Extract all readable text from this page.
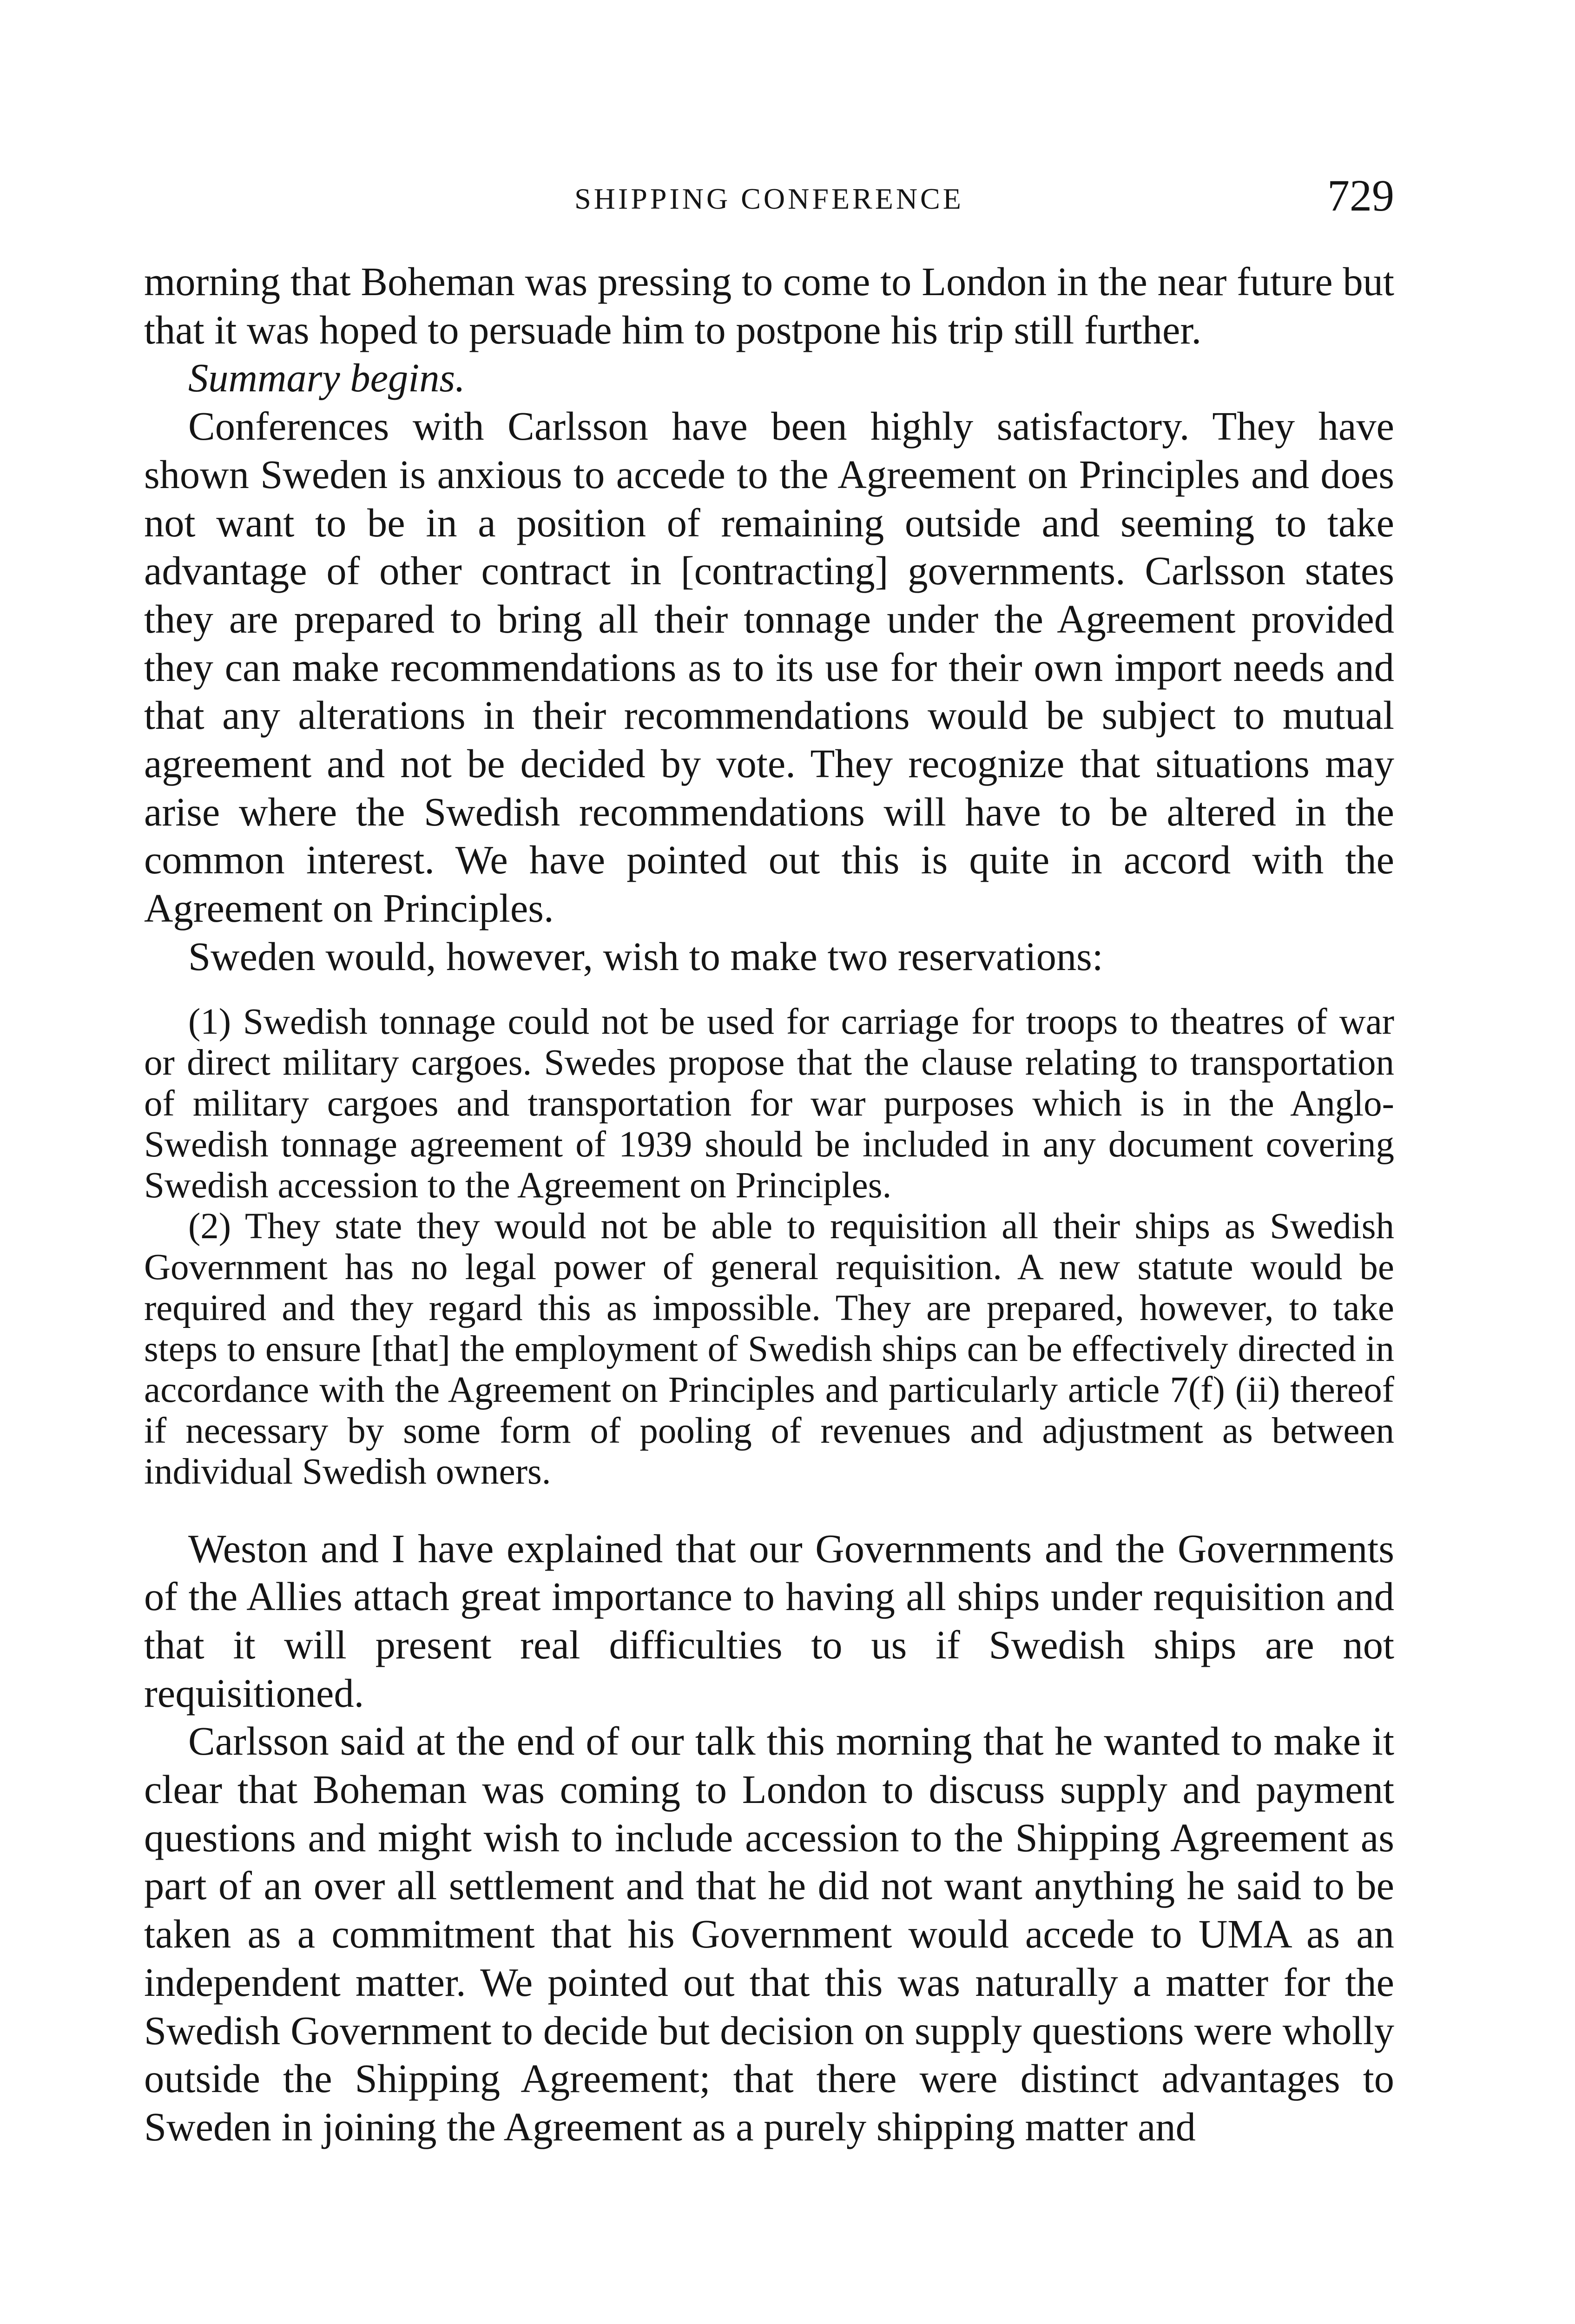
SHIPPING CONFERENCE	729

morning that Boheman was pressing to come to London in the near future but that it was hoped to persuade him to postpone his trip still further.

Summary begins.

Conferences with Carlsson have been highly satisfactory. They have shown Sweden is anxious to accede to the Agreement on Principles and does not want to be in a position of remaining outside and seeming to take advantage of other contract in [contracting] governments. Carlsson states they are prepared to bring all their tonnage under the Agreement provided they can make recommendations as to its use for their own import needs and that any alterations in their recommendations would be subject to mutual agreement and not be decided by vote. They recognize that situations may arise where the Swedish recommendations will have to be altered in the common interest. We have pointed out this is quite in accord with the Agreement on Principles.

Sweden would, however, wish to make two reservations:

(1) Swedish tonnage could not be used for carriage for troops to theatres of war or direct military cargoes. Swedes propose that the clause relating to transportation of military cargoes and transportation for war purposes which is in the Anglo-Swedish tonnage agreement of 1939 should be included in any document covering Swedish accession to the Agreement on Principles.

(2) They state they would not be able to requisition all their ships as Swedish Government has no legal power of general requisition. A new statute would be required and they regard this as impossible. They are prepared, however, to take steps to ensure [that] the employment of Swedish ships can be effectively directed in accordance with the Agreement on Principles and particularly article 7(f) (ii) thereof if necessary by some form of pooling of revenues and adjustment as between individual Swedish owners.

Weston and I have explained that our Governments and the Governments of the Allies attach great importance to having all ships under requisition and that it will present real difficulties to us if Swedish ships are not requisitioned.

Carlsson said at the end of our talk this morning that he wanted to make it clear that Boheman was coming to London to discuss supply and payment questions and might wish to include accession to the Shipping Agreement as part of an over all settlement and that he did not want anything he said to be taken as a commitment that his Government would accede to UMA as an independent matter. We pointed out that this was naturally a matter for the Swedish Government to decide but decision on supply questions were wholly outside the Shipping Agreement; that there were distinct advantages to Sweden in joining the Agreement as a purely shipping matter and
